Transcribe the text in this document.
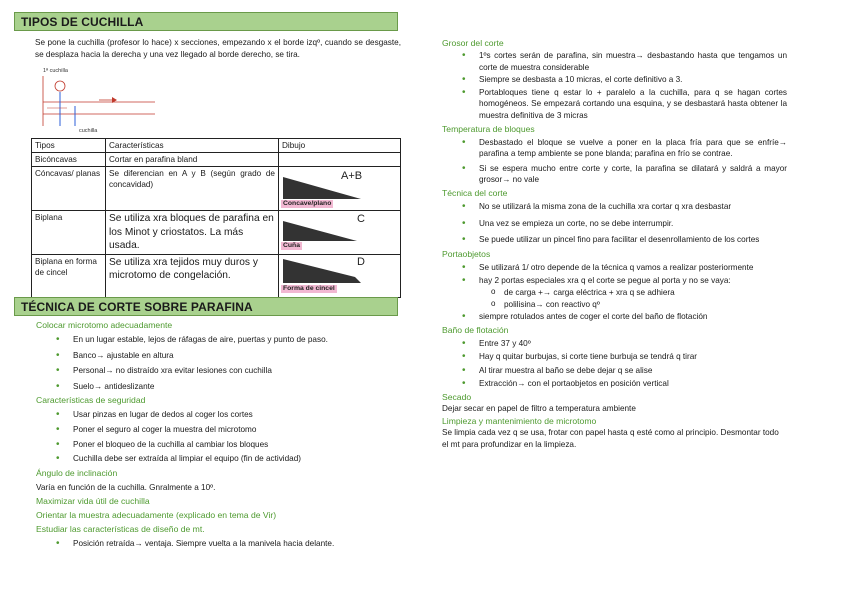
TIPOS DE CUCHILLA

Se pone la cuchilla (profesor lo hace) x secciones, empezando x el borde izqº, cuando se desgaste, se desplaza hacia la derecha y una vez llegado al borde derecho, se tira.

1ª cuchilla
cuchilla
Tipos	Características	Dibujo
Bicóncavas	Cortar en parafina bland	
Cóncavas/ planas	Se diferencian en A y B (según grado de concavidad)	A+B
Concave/plano

Biplana	Se utiliza xra bloques de parafina en los Minot y criostatos. La más usada.	C
Cuña

Biplana en forma de cincel	Se utiliza xra tejidos muy duros y microtomo de congelación.	D
Forma de cincel
TÉCNICA DE CORTE SOBRE PARAFINA

Colocar microtomo adecuadamente

• En un lugar estable, lejos de ráfagas de aire, puertas y punto de paso.
• Banco→ ajustable en altura
• Personal→ no distraído xra evitar lesiones con cuchilla
• Suelo→ antideslizante

Características de seguridad

• Usar pinzas en lugar de dedos al coger los cortes
• Poner el seguro al coger la muestra del microtomo
• Poner el bloqueo de la cuchilla al cambiar los bloques
• Cuchilla debe ser extraída al limpiar el equipo (fin de actividad)

Ángulo de inclinación

Varía en función de la cuchilla. Gnralmente a 10º.

Maximizar vida útil de cuchilla

Orientar la muestra adecuadamente (explicado en tema de Vir)

Estudiar las características de diseño de mt.

• Posición retraída→ ventaja. Siempre vuelta a la manivela hacia delante.

Grosor del corte

• 1ºs cortes serán de parafina, sin muestra→ desbastando hasta que tengamos un corte de muestra considerable
• Siempre se desbasta a 10 micras, el corte definitivo a 3.
• Portabloques tiene q estar lo + paralelo a la cuchilla, para q se hagan cortes homogéneos. Se empezará cortando una esquina, y se desbastará hasta obtener la muestra definitiva de 3 micras

Temperatura de bloques

• Desbastado el bloque se vuelve a poner en la placa fría para que se enfríe→ parafina a temp ambiente se pone blanda; parafina en frío se contrae.
• Si se espera mucho entre corte y corte, la parafina se dilatará y saldrá a mayor grosor→ no vale

Técnica del corte

• No se utilizará la misma zona de la cuchilla xra cortar q xra desbastar
• Una vez se empieza un corte, no se debe interrumpir.
• Se puede utilizar un pincel fino para facilitar el desenrollamiento de los cortes

Portaobjetos

• Se utilizará 1/ otro depende de la técnica q vamos a realizar posteriormente
• hay 2 portas especiales xra q el corte se pegue al porta y no se vaya:
o de carga +→ carga eléctrica + xra q se adhiera
o polilisina→ con reactivo qº
• siempre rotulados antes de coger el corte del baño de flotación

Baño de flotación

• Entre 37 y 40º
• Hay q quitar burbujas, si corte tiene burbuja se tendrá q tirar
• Al tirar muestra al baño se debe dejar q se alise
• Extracción→ con el portaobjetos en posición vertical

Secado

Dejar secar en papel de filtro a temperatura ambiente

Limpieza y mantenimiento de microtomo

Se limpia cada vez q se usa, frotar con papel hasta q esté como al principio. Desmontar todo el mt para profundizar en la limpieza.
